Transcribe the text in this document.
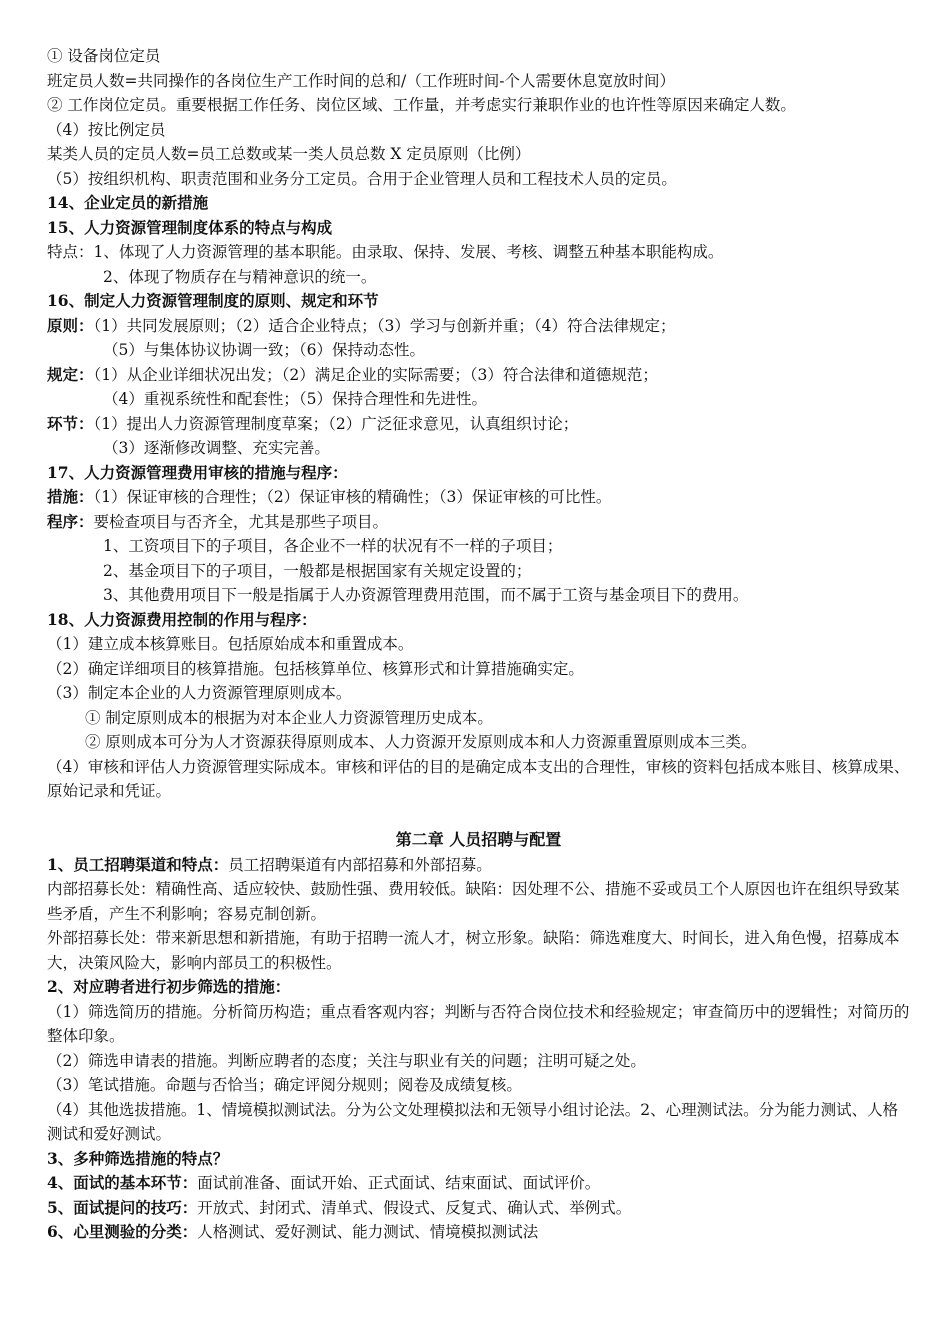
① 设备岗位定员
班定员人数=共同操作的各岗位生产工作时间的总和/（工作班时间-个人需要休息宽放时间）
② 工作岗位定员。重要根据工作任务、岗位区域、工作量，并考虑实行兼职作业的也许性等原因来确定人数。
（4）按比例定员
某类人员的定员人数=员工总数或某一类人员总数 X 定员原则（比例）
（5）按组织机构、职责范围和业务分工定员。合用于企业管理人员和工程技术人员的定员。
14、企业定员的新措施
15、人力资源管理制度体系的特点与构成
特点：1、体现了人力资源管理的基本职能。由录取、保持、发展、考核、调整五种基本职能构成。
2、体现了物质存在与精神意识的统一。
16、制定人力资源管理制度的原则、规定和环节
原则：（1）共同发展原则；（2）适合企业特点；（3）学习与创新并重；（4）符合法律规定；
（5）与集体协议协调一致；（6）保持动态性。
规定：（1）从企业详细状况出发；（2）满足企业的实际需要；（3）符合法律和道德规范；
（4）重视系统性和配套性；（5）保持合理性和先进性。
环节：（1）提出人力资源管理制度草案；（2）广泛征求意见，认真组织讨论；
（3）逐渐修改调整、充实完善。
17、人力资源管理费用审核的措施与程序：
措施：（1）保证审核的合理性；（2）保证审核的精确性；（3）保证审核的可比性。
程序：要检查项目与否齐全，尤其是那些子项目。
1、工资项目下的子项目，各企业不一样的状况有不一样的子项目；
2、基金项目下的子项目，一般都是根据国家有关规定设置的；
3、其他费用项目下一般是指属于人办资源管理费用范围，而不属于工资与基金项目下的费用。
18、人力资源费用控制的作用与程序：
（1）建立成本核算账目。包括原始成本和重置成本。
（2）确定详细项目的核算措施。包括核算单位、核算形式和计算措施确实定。
（3）制定本企业的人力资源管理原则成本。
① 制定原则成本的根据为对本企业人力资源管理历史成本。
② 原则成本可分为人才资源获得原则成本、人力资源开发原则成本和人力资源重置原则成本三类。
（4）审核和评估人力资源管理实际成本。审核和评估的目的是确定成本支出的合理性，审核的资料包括成本账目、核算成果、原始记录和凭证。
第二章 人员招聘与配置
1、员工招聘渠道和特点：员工招聘渠道有内部招募和外部招募。
内部招募长处：精确性高、适应较快、鼓励性强、费用较低。缺陷：因处理不公、措施不妥或员工个人原因也许在组织导致某些矛盾，产生不利影响；容易克制创新。
外部招募长处：带来新思想和新措施，有助于招聘一流人才，树立形象。缺陷：筛选难度大、时间长，进入角色慢，招募成本大，决策风险大，影响内部员工的积极性。
2、对应聘者进行初步筛选的措施：
（1）筛选简历的措施。分析简历构造；重点看客观内容；判断与否符合岗位技术和经验规定；审查简历中的逻辑性；对简历的整体印象。
（2）筛选申请表的措施。判断应聘者的态度；关注与职业有关的问题；注明可疑之处。
（3）笔试措施。命题与否恰当；确定评阅分规则；阅卷及成绩复核。
（4）其他选拔措施。1、情境模拟测试法。分为公文处理模拟法和无领导小组讨论法。2、心理测试法。分为能力测试、人格测试和爱好测试。
3、多种筛选措施的特点？
4、面试的基本环节：面试前准备、面试开始、正式面试、结束面试、面试评价。
5、面试提问的技巧：开放式、封闭式、清单式、假设式、反复式、确认式、举例式。
6、心里测验的分类：人格测试、爱好测试、能力测试、情境模拟测试法
